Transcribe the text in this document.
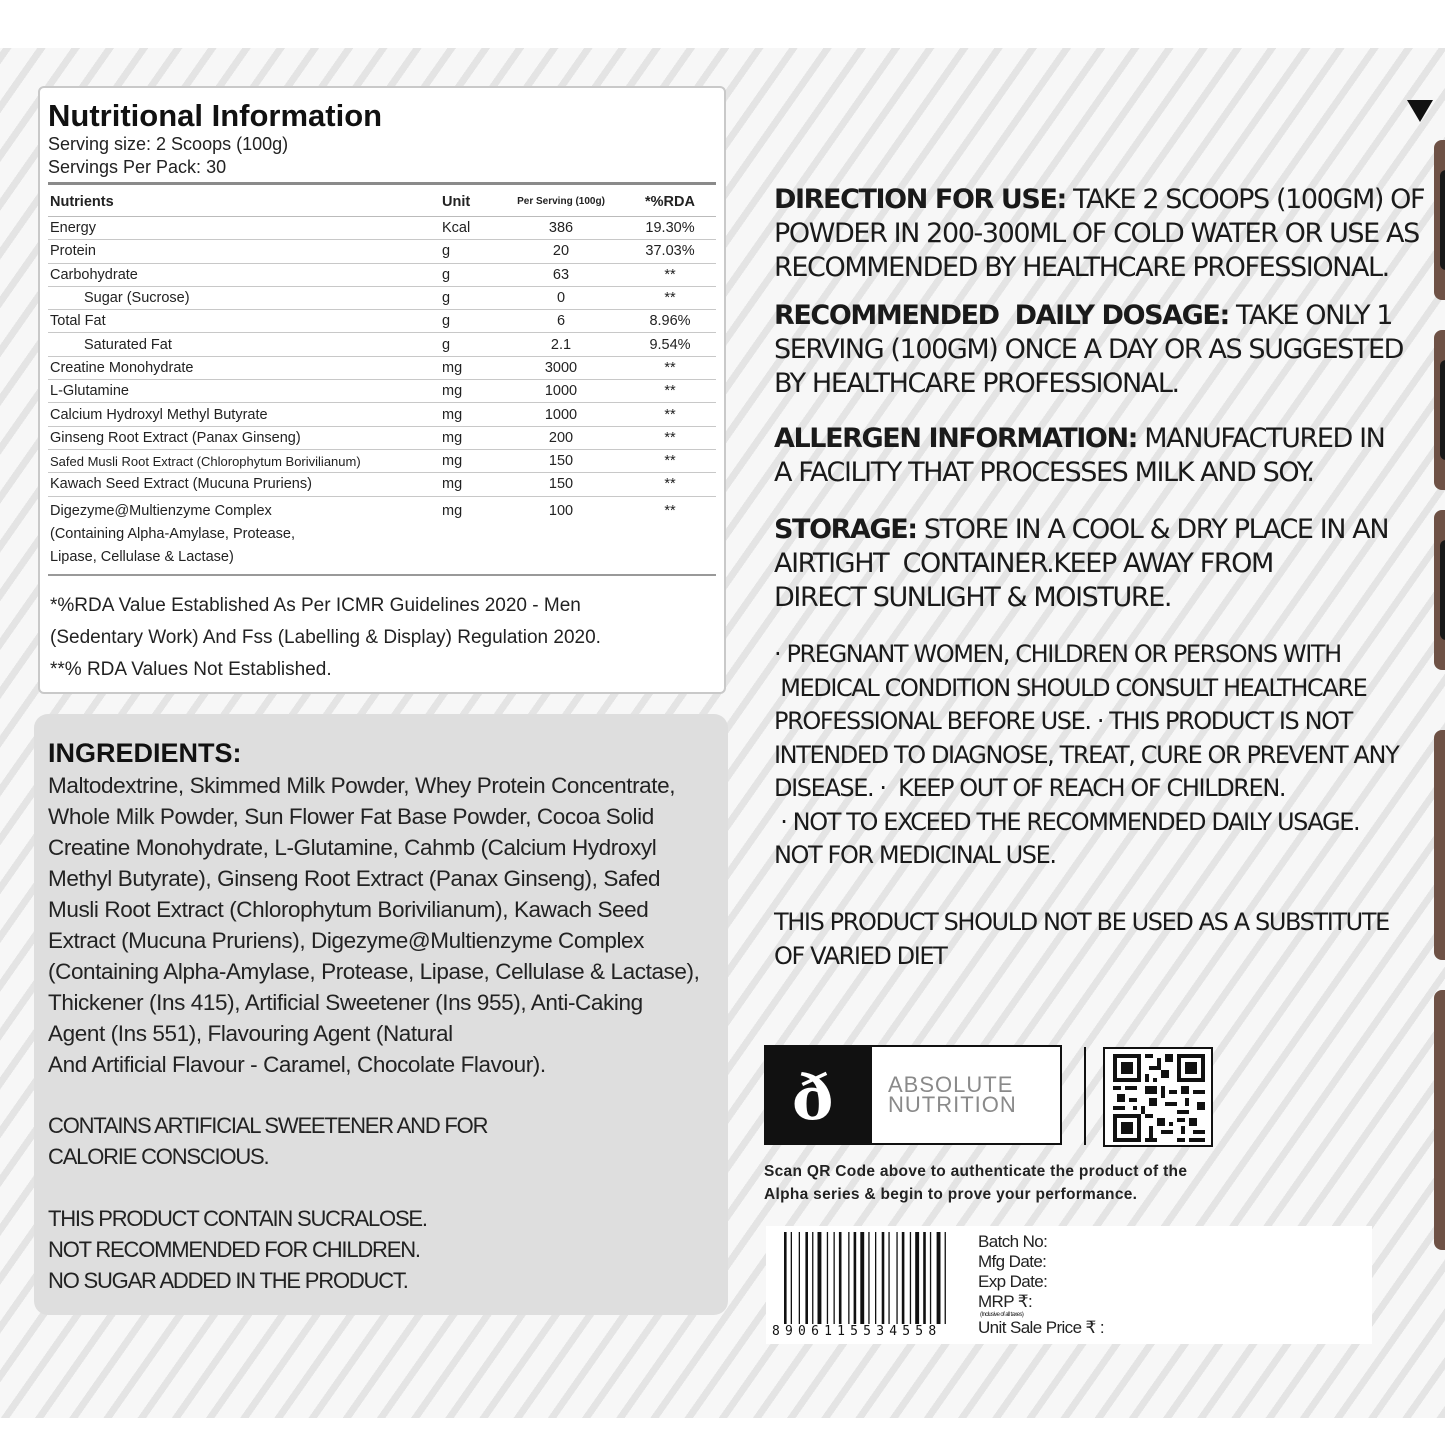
Nutritional Information
Serving size: 2 Scoops (100g)
Servings Per Pack: 30
Nutrients	Unit	Per Serving (100g)	*%RDA
Energy	Kcal	386	19.30%
Protein	g	20	37.03%
Carbohydrate	g	63	**
Sugar (Sucrose)	g	0	**
Total Fat	g	6	8.96%
Saturated Fat	g	2.1	9.54%
Creatine Monohydrate	mg	3000	**
L-Glutamine	mg	1000	**
Calcium Hydroxyl Methyl Butyrate	mg	1000	**
Ginseng Root Extract (Panax Ginseng)	mg	200	**
Safed Musli Root Extract (Chlorophytum Borivilianum)	mg	150	**
Kawach Seed Extract (Mucuna Pruriens)	mg	150	**
Digezyme@Multienzyme Complex
(Containing Alpha-Amylase, Protease,
Lipase, Cellulase & Lactase)	mg	100	**
*%RDA Value Established As Per ICMR Guidelines 2020 - Men
(Sedentary Work) And Fss (Labelling & Display) Regulation 2020.
**% RDA Values Not Established.
INGREDIENTS:
Maltodextrine, Skimmed Milk Powder, Whey Protein Concentrate,
Whole Milk Powder, Sun Flower Fat Base Powder, Cocoa Solid
Creatine Monohydrate, L-Glutamine, Cahmb (Calcium Hydroxyl
Methyl Butyrate), Ginseng Root Extract (Panax Ginseng), Safed
Musli Root Extract (Chlorophytum Borivilianum), Kawach Seed
Extract (Mucuna Pruriens), Digezyme@Multienzyme Complex
(Containing Alpha-Amylase, Protease, Lipase, Cellulase & Lactase),
Thickener (Ins 415), Artificial Sweetener (Ins 955), Anti-Caking
Agent (Ins 551), Flavouring Agent (Natural
And Artificial Flavour - Caramel, Chocolate Flavour).
CONTAINS ARTIFICIAL SWEETENER AND FOR
CALORIE CONSCIOUS.
THIS PRODUCT CONTAIN SUCRALOSE.
NOT RECOMMENDED FOR CHILDREN.
NO SUGAR ADDED IN THE PRODUCT.
DIRECTION FOR USE: TAKE 2 SCOOPS (100GM) OF
POWDER IN 200-300ML OF COLD WATER OR USE AS
RECOMMENDED BY HEALTHCARE PROFESSIONAL.
RECOMMENDED  DAILY DOSAGE: TAKE ONLY 1
SERVING (100GM) ONCE A DAY OR AS SUGGESTED
BY HEALTHCARE PROFESSIONAL.
ALLERGEN INFORMATION: MANUFACTURED IN
A FACILITY THAT PROCESSES MILK AND SOY.
STORAGE: STORE IN A COOL & DRY PLACE IN AN
AIRTIGHT  CONTAINER.KEEP AWAY FROM
DIRECT SUNLIGHT & MOISTURE.
· PREGNANT WOMEN, CHILDREN OR PERSONS WITH
MEDICAL CONDITION SHOULD CONSULT HEALTHCARE
PROFESSIONAL BEFORE USE. · THIS PRODUCT IS NOT
INTENDED TO DIAGNOSE, TREAT, CURE OR PREVENT ANY
DISEASE. ·  KEEP OUT OF REACH OF CHILDREN.
· NOT TO EXCEED THE RECOMMENDED DAILY USAGE.
NOT FOR MEDICINAL USE.
THIS PRODUCT SHOULD NOT BE USED AS A SUBSTITUTE
OF VARIED DIET
ð ABSOLUTE
NUTRITION
Scan QR Code above to authenticate the product of the
Alpha series & begin to prove your performance.
8906115534558
Batch No:
Mfg Date:
Exp Date:
MRP ₹:
(Inclusive of all taxes)
Unit Sale Price ₹ :
